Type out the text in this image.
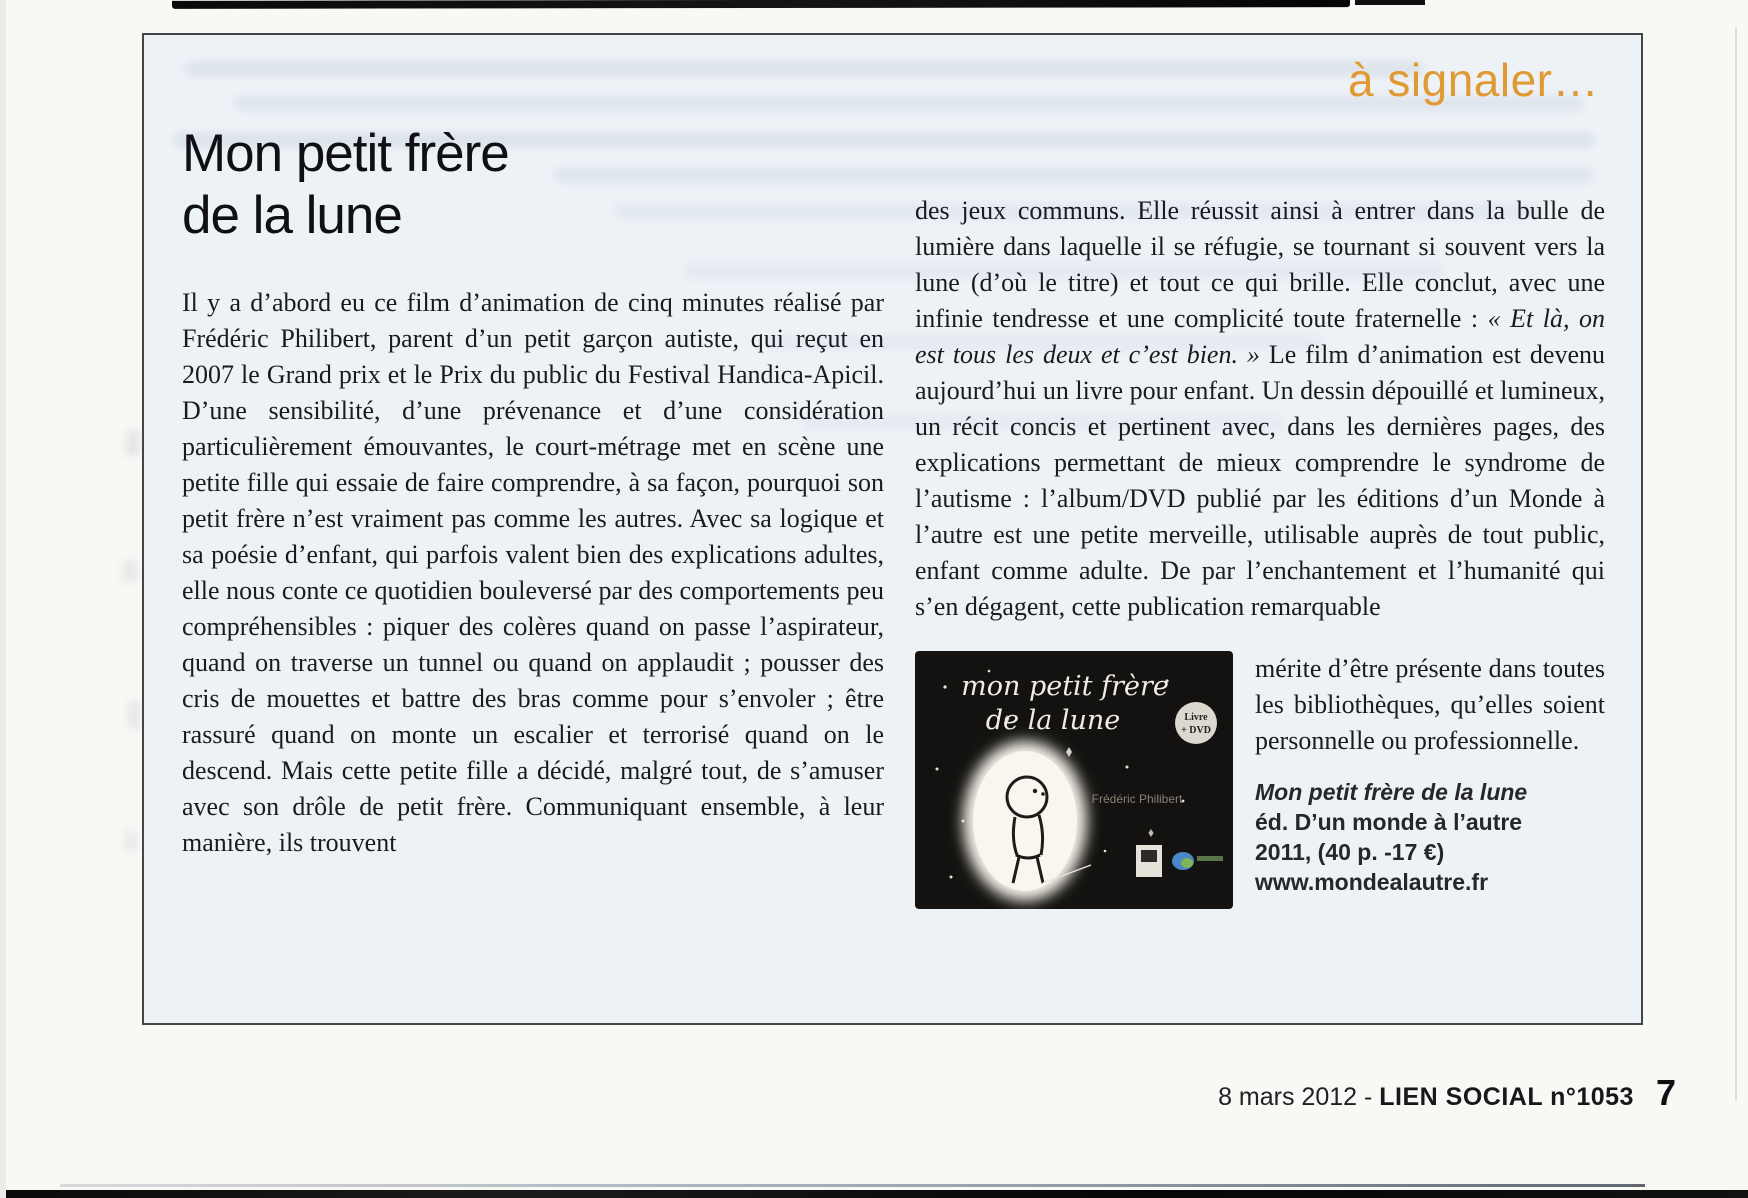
à signaler…
Mon petit frère
de la lune

Il y a d’abord eu ce film d’animation de cinq minutes réalisé par Frédéric Philibert, parent d’un petit garçon autiste, qui reçut en 2007 le Grand prix et le Prix du public du Festival Handica-Apicil. D’une sensibilité, d’une prévenance et d’une considération particulièrement émouvantes, le court-métrage met en scène une petite fille qui essaie de faire comprendre, à sa façon, pourquoi son petit frère n’est vraiment pas comme les autres. Avec sa logique et sa poésie d’enfant, qui parfois valent bien des explications adultes, elle nous conte ce quotidien bouleversé par des comportements peu compréhensibles : piquer des colères quand on passe l’aspirateur, quand on traverse un tunnel ou quand on applaudit ; pousser des cris de mouettes et battre des bras comme pour s’envoler ; être rassuré quand on monte un escalier et terrorisé quand on le descend. Mais cette petite fille a décidé, malgré tout, de s’amuser avec son drôle de petit frère. Communiquant ensemble, à leur manière, ils trouvent

des jeux communs. Elle réussit ainsi à entrer dans la bulle de lumière dans laquelle il se réfugie, se tournant si souvent vers la lune (d’où le titre) et tout ce qui brille. Elle conclut, avec une infinie tendresse et une complicité toute fraternelle : « Et là, on est tous les deux et c’est bien. » Le film d’animation est devenu aujourd’hui un livre pour enfant. Un dessin dépouillé et lumineux, un récit concis et pertinent avec, dans les dernières pages, des explications permettant de mieux comprendre le syndrome de l’autisme : l’album/DVD publié par les éditions d’un Monde à l’autre est une petite merveille, utilisable auprès de tout public, enfant comme adulte. De par l’enchantement et l’humanité qui s’en dégagent, cette publication remarquable

mon petit frère
de la lune	Livre
+ DVD
Frédéric Philibert

mérite d’être présente dans toutes les bibliothèques, qu’elles soient personnelle ou professionnelle.

Mon petit frère de la lune
éd. D’un monde à l’autre
2011, (40 p. -17 €)
www.mondealautre.fr
8 mars 2012 - LIEN SOCIAL n°1053 7
